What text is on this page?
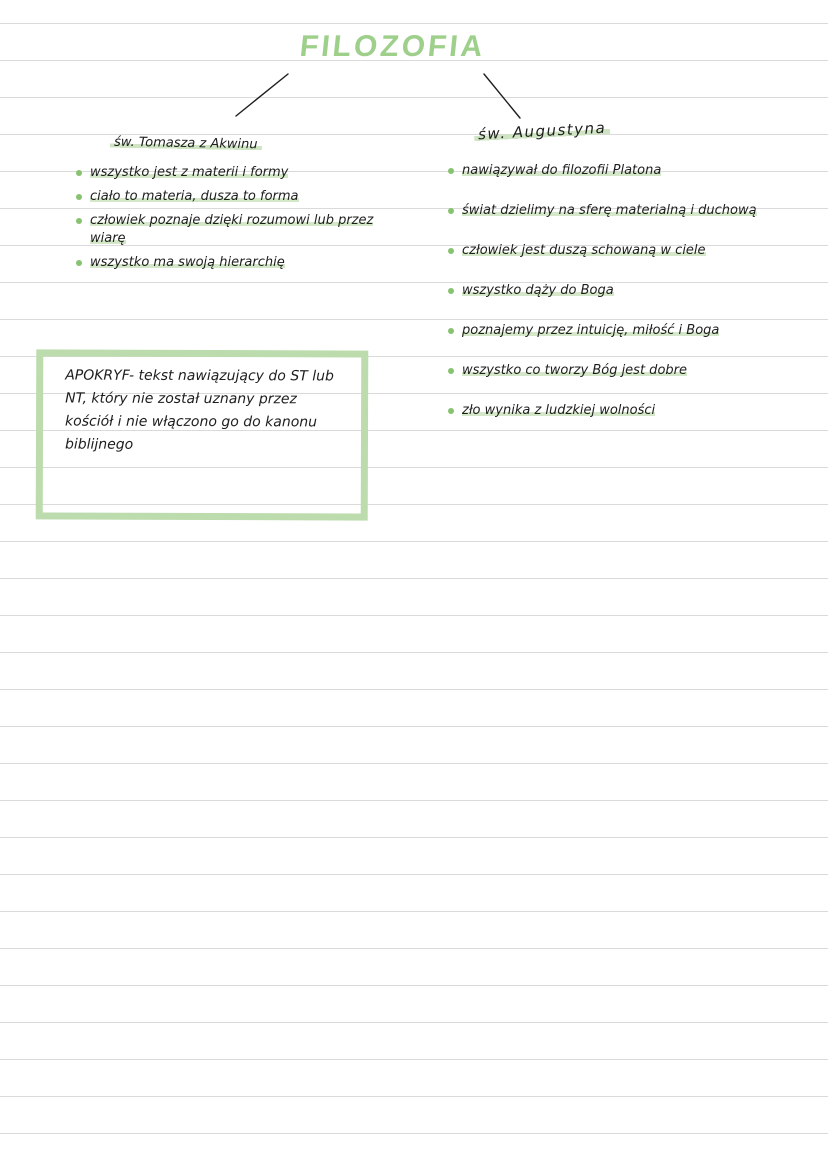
FILOZOFIA
św. Tomasza z Akwinu
wszystko jest z materii i formy
ciało to materia, dusza to forma
człowiek poznaje dzięki rozumowi lub przez wiarę
wszystko ma swoją hierarchię
św. Augustyna
nawiązywał do filozofii Platona
świat dzielimy na sferę materialną i duchową
człowiek jest duszą schowaną w ciele
wszystko dąży do Boga
poznajemy przez intuicję, miłość i Boga
wszystko co tworzy Bóg jest dobre
zło wynika z ludzkiej wolności
APOKRYF- tekst nawiązujący do ST lub NT, który nie został uznany przez kościół i nie włączono go do kanonu biblijnego
